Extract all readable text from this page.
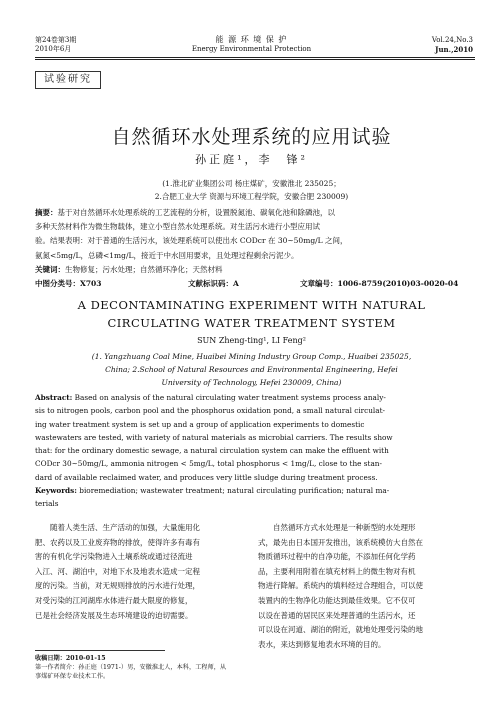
第24卷第3期
2010年6月
能 源 环 境 保 护
Energy Environmental Protection
Vol.24,No.3
Jun.,2010
试验研究
自然循环水处理系统的应用试验
孙正庭¹，李　锋²
(1.淮北矿业集团公司 杨庄煤矿，安徽淮北 235025；
2.合肥工业大学 资源与环境工程学院，安徽合肥 230009)
摘要：基于对自然循环水处理系统的工艺流程的分析，设置脱氮池、碳氧化池和除磷池，以
多种天然材料作为微生物载体，建立小型自然水处理系统。对生活污水进行小型应用试
验。结果表明：对于普通的生活污水，该处理系统可以使出水 CODcr 在 30~50mg/L 之间，
氨氮<5mg/L，总磷<1mg/L，接近于中水回用要求，且处理过程剩余污泥少。
关键词：生物修复；污水处理；自然循环净化；天然材料
中图分类号：X703	文献标识码：A	文章编号：1006-8759(2010)03-0020-04
A DECONTAMINATING EXPERIMENT WITH NATURAL
CIRCULATING WATER TREATMENT SYSTEM
SUN Zheng-ting¹, LI Feng²
(1. Yangzhuang Coal Mine, Huaibei Mining Industry Group Comp., Huaibei 235025,
China; 2.School of Natural Resources and Environmental Engineering, Hefei
University of Technology, Hefei 230009, China)
Abstract: Based on analysis of the natural circulating water treatment systems process analy-
sis to nitrogen pools, carbon pool and the phosphorus oxidation pond, a small natural circulat-
ing water treatment system is set up and a group of application experiments to domestic
wastewaters are tested, with variety of natural materials as microbial carriers. The results show
that: for the ordinary domestic sewage, a natural circulation system can make the effluent with
CODcr 30~50mg/L, ammonia nitrogen < 5mg/L, total phosphorus < 1mg/L, close to the stan-
dard of available reclaimed water, and produces very little sludge during treatment process.
Keywords: bioremediation; wastewater treatment; natural circulating purification; natural ma-
terials
随着人类生活、生产活动的加强，大量施用化
肥、农药以及工业废弃物的排放，使得许多有毒有
害的有机化学污染物进入土壤系统或通过径流进
入江、河、湖泊中，对地下水及地表水造成一定程
度的污染。当前，对无规则排放的污水进行处理，
对受污染的江河湖库水体进行最大限度的修复，
已是社会经济发展及生态环境建设的迫切需要。
自然循环方式水处理是一种新型的水处理形
式，最先由日本国开发推出，该系统模仿大自然在
物质循环过程中的自净功能，不添加任何化学药
品，主要利用附着在填充材料上的微生物对有机
物进行降解。系统内的填料经过合理组合，可以使
装置内的生物净化功能达到最佳效果。它不仅可
以设在普通的居民区来处理普通的生活污水，还
可以设在河道、湖泊的附近，就地处理受污染的地
表水，来达到修复地表水环境的目的。
收稿日期：2010-01-15
第一作者简介：孙正庭（1971-）男，安徽淮北人，本科，工程师，从
事煤矿环保专业技术工作。
